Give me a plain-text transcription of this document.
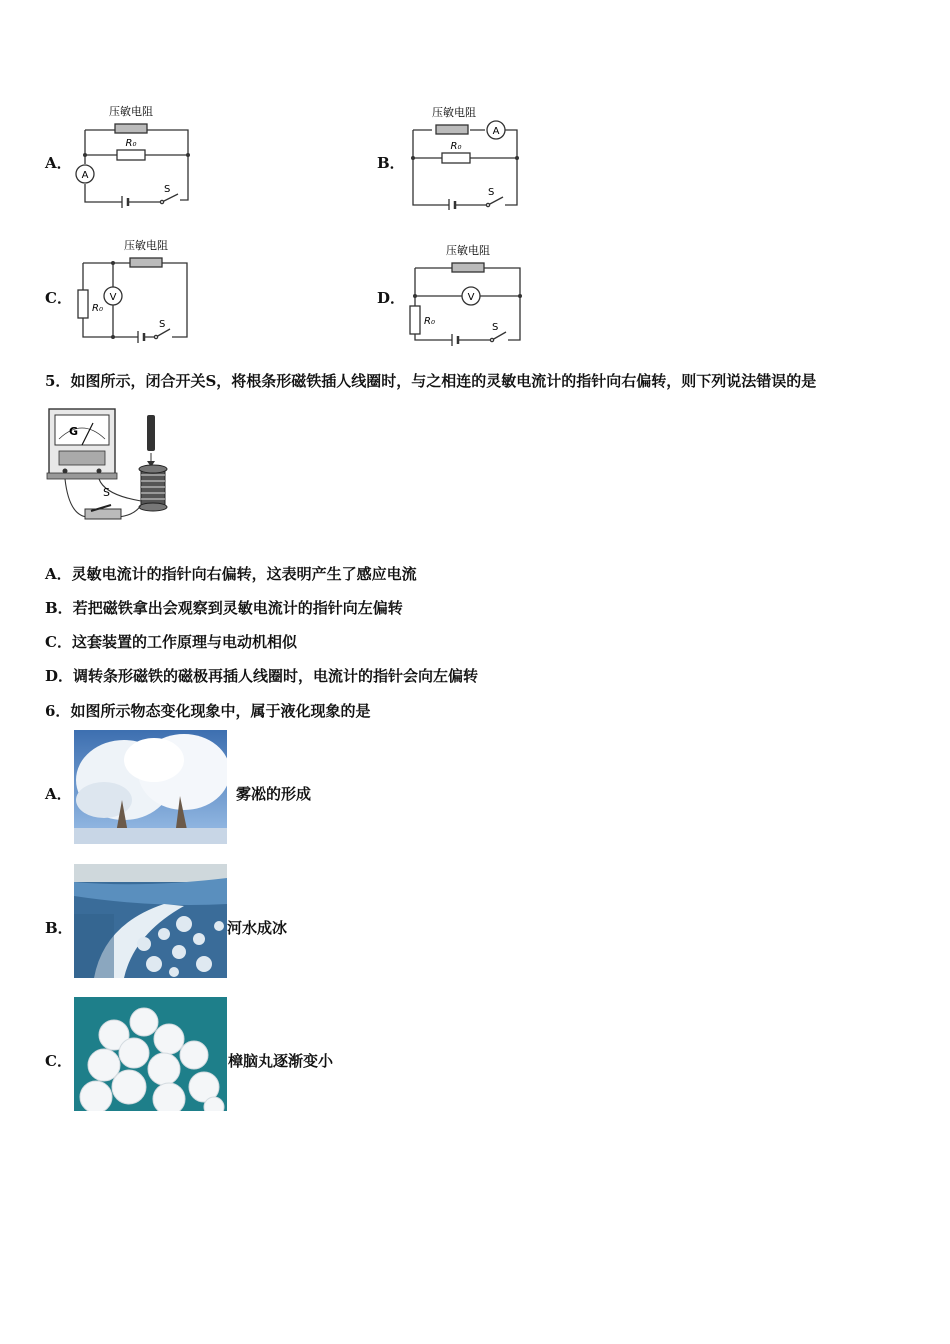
A．
A
压敏电阻
R₀
S
B．
A
压敏电阻
R₀
S
C．	V
压敏电阻
R₀
S
D．	V
压敏电阻
R₀
S
5．如图所示，闭合开关S，将根条形磁铁插人线圈时，与之相连的灵敏电流计的指针向右偏转，则下列说法错误的是
G
S
A．灵敏电流计的指针向右偏转，这表明产生了感应电流
B．若把磁铁拿出会观察到灵敏电流计的指针向左偏转
C．这套装置的工作原理与电动机相似
D．调转条形磁铁的磁极再插人线圈时，电流计的指针会向左偏转
6．如图所示物态变化现象中，属于液化现象的是
A．	雾凇的形成
B．	河水成冰
C．	樟脑丸逐渐变小
